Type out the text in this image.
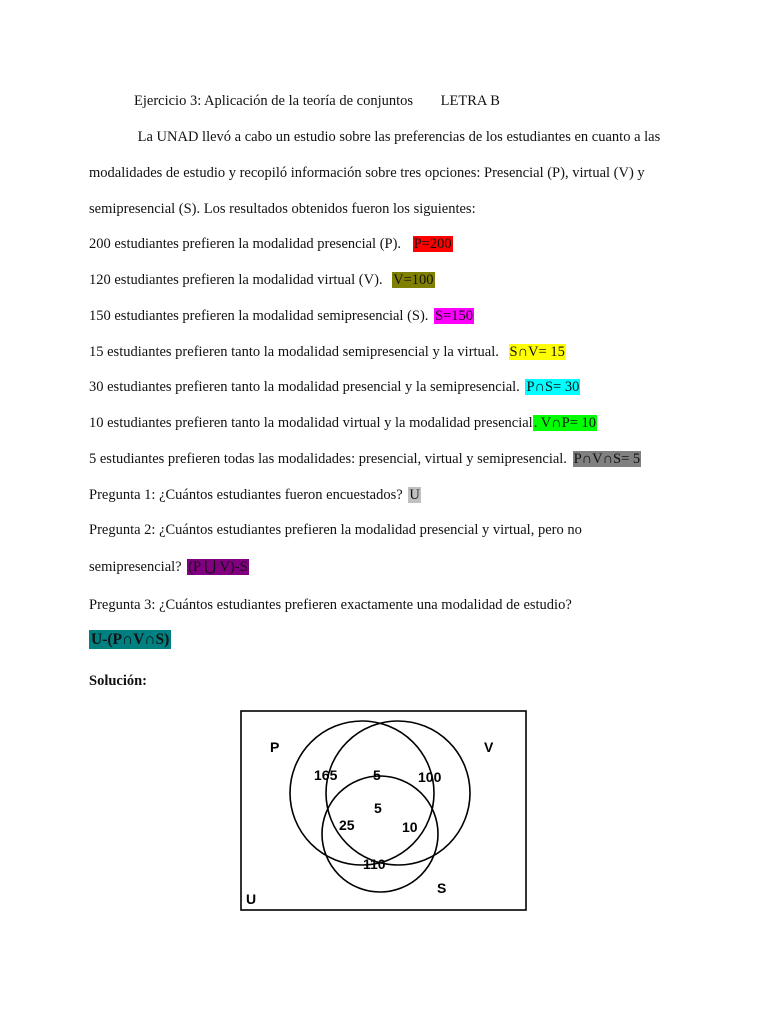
Ejercicio 3: Aplicación de la teoría de conjuntos LETRA B
La UNAD llevó a cabo un estudio sobre las preferencias de los estudiantes en cuanto a las
modalidades de estudio y recopiló información sobre tres opciones: Presencial (P), virtual (V) y
semipresencial (S). Los resultados obtenidos fueron los siguientes:
200 estudiantes prefieren la modalidad presencial (P). P=200
120 estudiantes prefieren la modalidad virtual (V). V=100
150 estudiantes prefieren la modalidad semipresencial (S). S=150
15 estudiantes prefieren tanto la modalidad semipresencial y la virtual. S∩V= 15
30 estudiantes prefieren tanto la modalidad presencial y la semipresencial. P∩S= 30
10 estudiantes prefieren tanto la modalidad virtual y la modalidad presencial. V∩P= 10
5 estudiantes prefieren todas las modalidades: presencial, virtual y semipresencial. P∩V∩S= 5
Pregunta 1: ¿Cuántos estudiantes fueron encuestados? U
Pregunta 2: ¿Cuántos estudiantes prefieren la modalidad presencial y virtual, pero no
semipresencial? (P ⋃ V)-S
Pregunta 3: ¿Cuántos estudiantes prefieren exactamente una modalidad de estudio?
U-(P∩V∩S)
Solución:
P	V
S
U
165	5	100
5
25	10
110
